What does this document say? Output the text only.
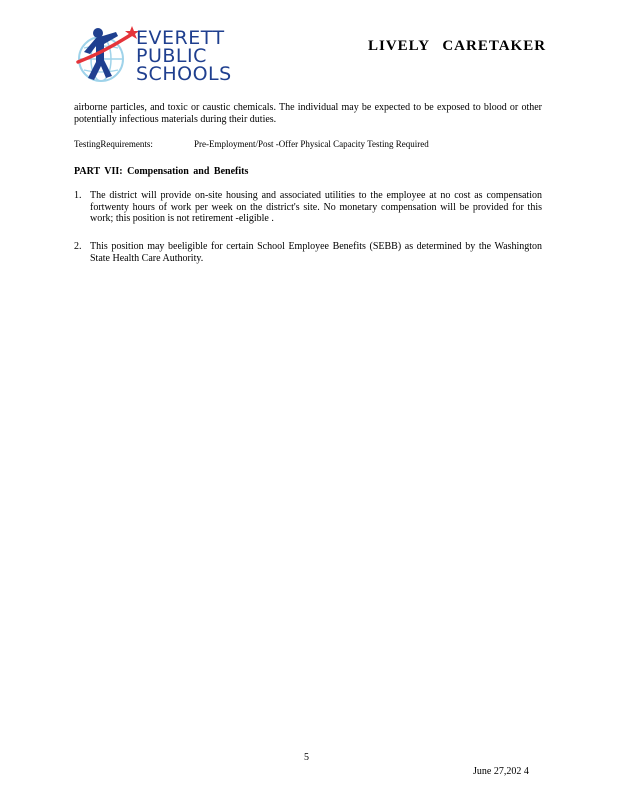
EVERETT
PUBLIC
SCHOOLS
LIVELY CARETAKER
airborne particles, and toxic or caustic chemicals. The individual may be expected to be exposed to blood or other potentially infectious materials during their duties.
TestingRequirements:	Pre-Employment/Post -Offer Physical Capacity Testing Required
PART VII: Compensation and Benefits
1. The district will provide on-site housing and associated utilities to the employee at no cost as compensation fortwenty hours of work per week on the district's site. No monetary compensation will be provided for this work; this position is not retirement -eligible .
2. This position may beeligible for certain School Employee Benefits (SEBB) as determined by the Washington State Health Care Authority.
5
June 27,202 4
